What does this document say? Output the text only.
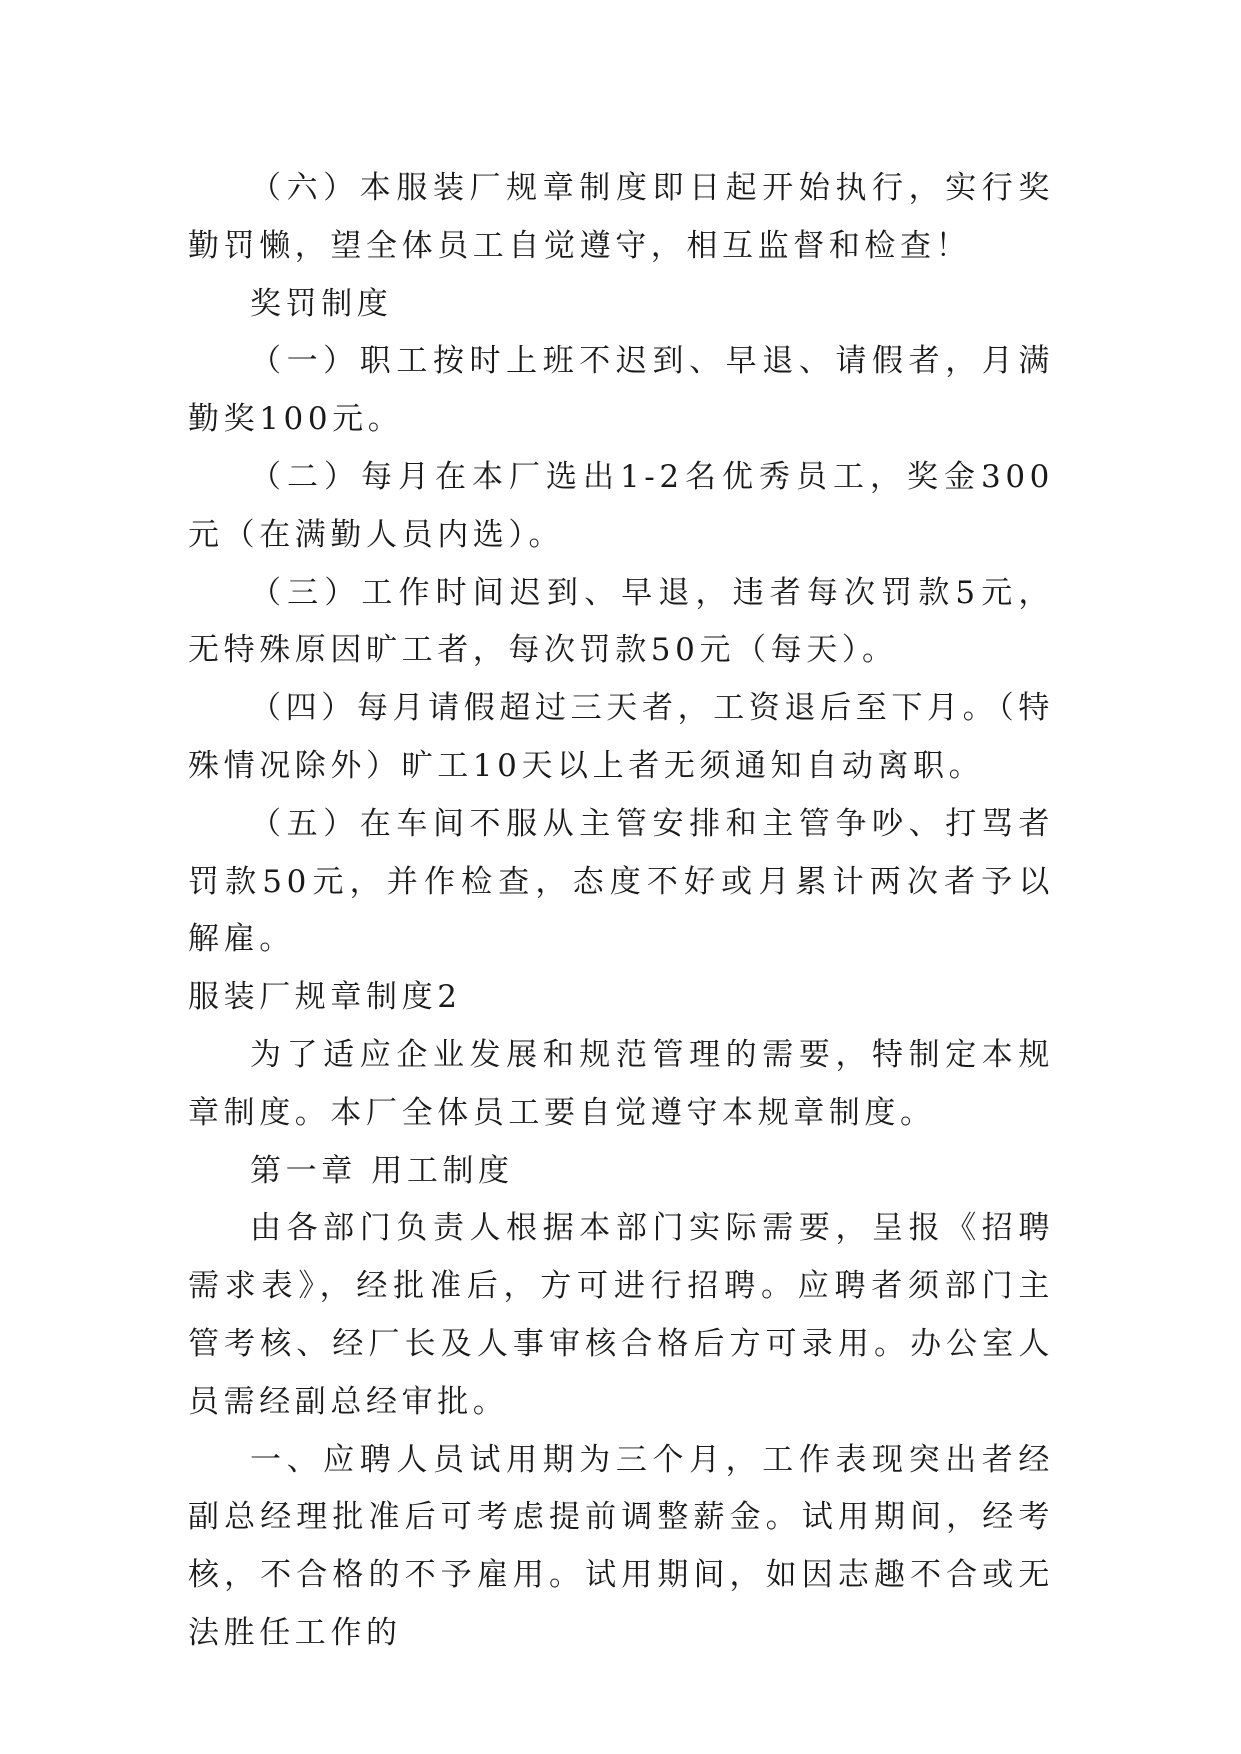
（六）本服装厂规章制度即日起开始执行，实行奖勤罚懒，望全体员工自觉遵守，相互监督和检查！

奖罚制度

（一）职工按时上班不迟到、早退、请假者，月满勤奖100元。

（二）每月在本厂选出1-2名优秀员工，奖金300元（在满勤人员内选）。

（三）工作时间迟到、早退，违者每次罚款5元，无特殊原因旷工者，每次罚款50元（每天）。

（四）每月请假超过三天者，工资退后至下月。（特殊情况除外）旷工10天以上者无须通知自动离职。

（五）在车间不服从主管安排和主管争吵、打骂者罚款50元，并作检查，态度不好或月累计两次者予以解雇。

服装厂规章制度2

为了适应企业发展和规范管理的需要，特制定本规章制度。本厂全体员工要自觉遵守本规章制度。

第一章 用工制度

由各部门负责人根据本部门实际需要，呈报《招聘需求表》，经批准后，方可进行招聘。应聘者须部门主管考核、经厂长及人事审核合格后方可录用。办公室人员需经副总经审批。

一、应聘人员试用期为三个月，工作表现突出者经副总经理批准后可考虑提前调整薪金。试用期间，经考核，不合格的不予雇用。试用期间，如因志趣不合或无法胜任工作的
